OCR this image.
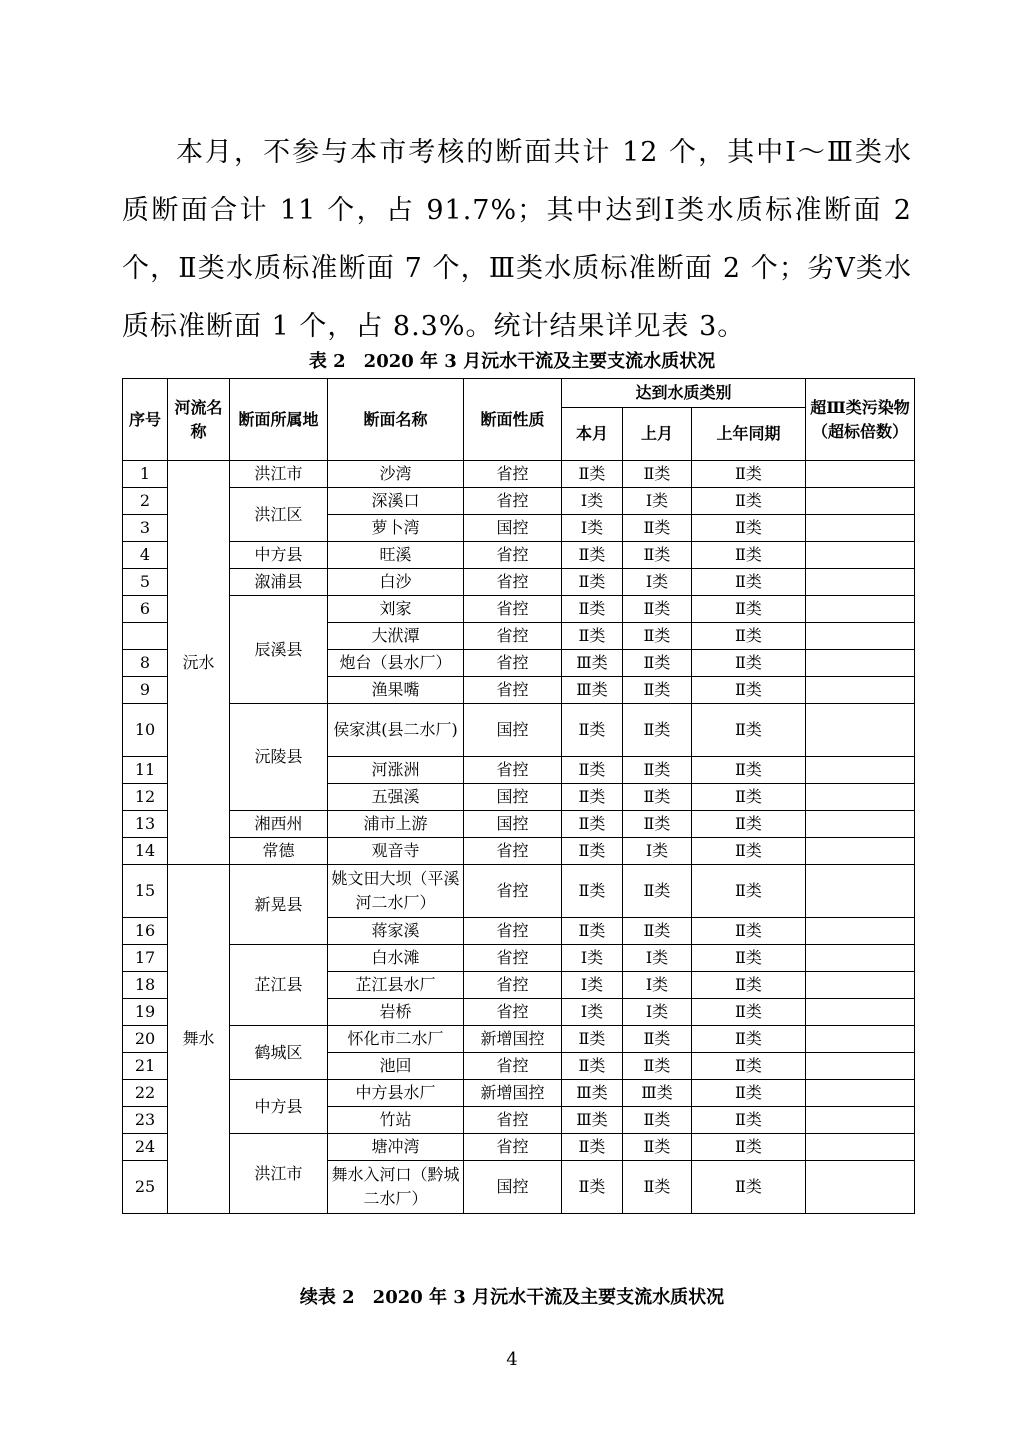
本月，不参与本市考核的断面共计 12 个，其中Ⅰ～Ⅲ类水质断面合计 11 个，占 91.7%；其中达到Ⅰ类水质标准断面 2 个，Ⅱ类水质标准断面 7 个，Ⅲ类水质标准断面 2 个；劣Ⅴ类水质标准断面 1 个，占 8.3%。统计结果详见表 3。

表 2　2020 年 3 月沅水干流及主要支流水质状况

序号	河流名称	断面所属地	断面名称	断面性质	达到水质类别			超Ⅲ类污染物（超标倍数）
					本月	上月	上年同期	
1	沅水	洪江市	沙湾	省控	Ⅱ类	Ⅱ类	Ⅱ类	
2		洪江区	深溪口	省控	Ⅰ类	Ⅰ类	Ⅱ类	
3			萝卜湾	国控	Ⅰ类	Ⅱ类	Ⅱ类	
4		中方县	旺溪	省控	Ⅱ类	Ⅱ类	Ⅱ类	
5		溆浦县	白沙	省控	Ⅱ类	Ⅰ类	Ⅱ类	
6		辰溪县	刘家	省控	Ⅱ类	Ⅱ类	Ⅱ类	
			大洑潭	省控	Ⅱ类	Ⅱ类	Ⅱ类	
8			炮台（县水厂）	省控	Ⅲ类	Ⅱ类	Ⅱ类	
9			渔果嘴	省控	Ⅲ类	Ⅱ类	Ⅱ类	
10		沅陵县	侯家淇(县二水厂)	国控	Ⅱ类	Ⅱ类	Ⅱ类	
11			河涨洲	省控	Ⅱ类	Ⅱ类	Ⅱ类	
12			五强溪	国控	Ⅱ类	Ⅱ类	Ⅱ类	
13		湘西州	浦市上游	国控	Ⅱ类	Ⅱ类	Ⅱ类	
14		常德	观音寺	省控	Ⅱ类	Ⅰ类	Ⅱ类	
15	舞水	新晃县	姚文田大坝（平溪河二水厂）	省控	Ⅱ类	Ⅱ类	Ⅱ类	
16			蒋家溪	省控	Ⅱ类	Ⅱ类	Ⅱ类	
17		芷江县	白水滩	省控	Ⅰ类	Ⅰ类	Ⅱ类	
18			芷江县水厂	省控	Ⅰ类	Ⅰ类	Ⅱ类	
19			岩桥	省控	Ⅰ类	Ⅰ类	Ⅱ类	
20		鹤城区	怀化市二水厂	新增国控	Ⅱ类	Ⅱ类	Ⅱ类	
21			池回	省控	Ⅱ类	Ⅱ类	Ⅱ类	
22		中方县	中方县水厂	新增国控	Ⅲ类	Ⅲ类	Ⅱ类	
23			竹站	省控	Ⅲ类	Ⅱ类	Ⅱ类	
24		洪江市	塘冲湾	省控	Ⅱ类	Ⅱ类	Ⅱ类	
25			舞水入河口（黔城二水厂）	国控	Ⅱ类	Ⅱ类	Ⅱ类	

续表 2　2020 年 3 月沅水干流及主要支流水质状况

4
